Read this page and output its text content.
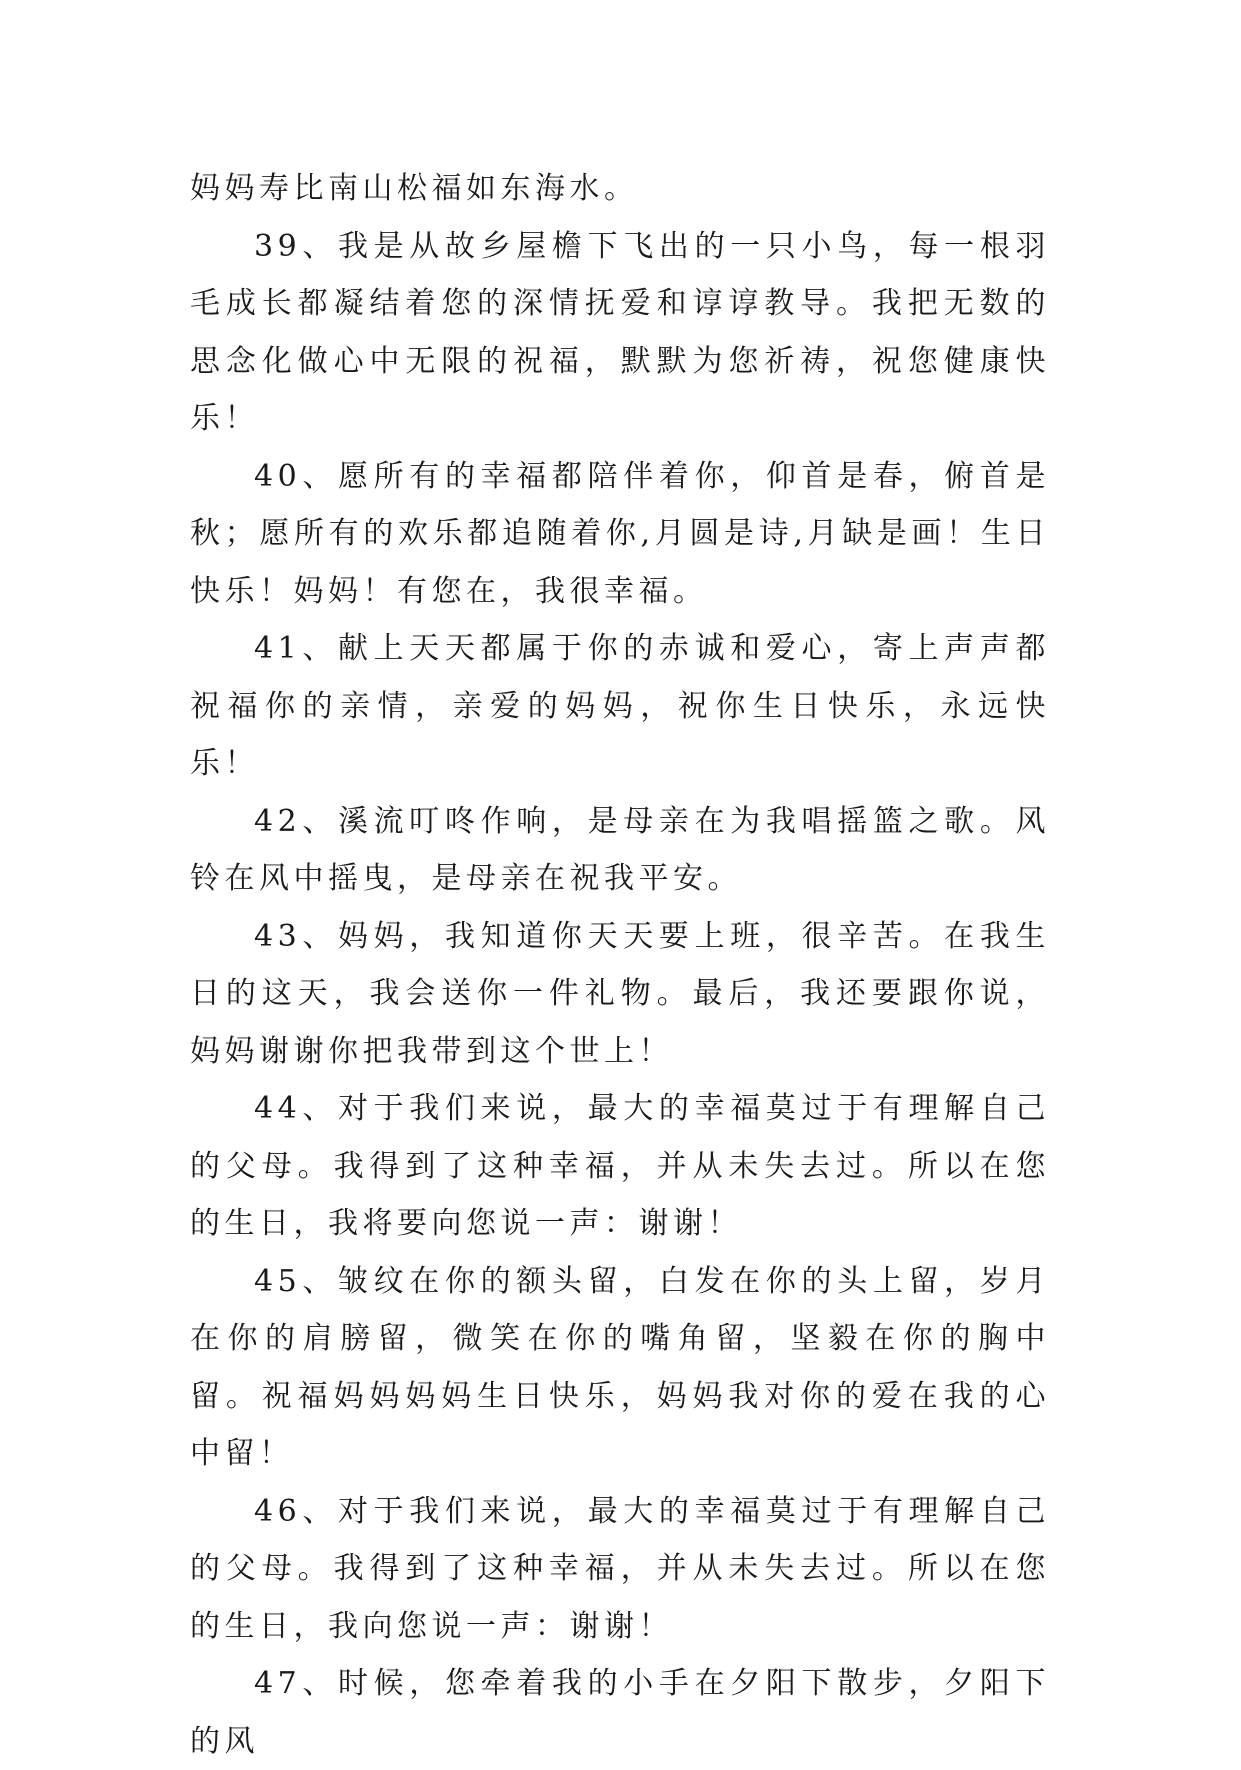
妈妈寿比南山松福如东海水。

39、我是从故乡屋檐下飞出的一只小鸟，每一根羽毛成长都凝结着您的深情抚爱和谆谆教导。我把无数的思念化做心中无限的祝福，默默为您祈祷，祝您健康快乐！

40、愿所有的幸福都陪伴着你，仰首是春，俯首是秋；愿所有的欢乐都追随着你,月圆是诗,月缺是画！生日快乐！妈妈！有您在，我很幸福。

41、献上天天都属于你的赤诚和爱心，寄上声声都祝福你的亲情，亲爱的妈妈，祝你生日快乐，永远快乐！

42、溪流叮咚作响，是母亲在为我唱摇篮之歌。风铃在风中摇曳，是母亲在祝我平安。

43、妈妈，我知道你天天要上班，很辛苦。在我生日的这天，我会送你一件礼物。最后，我还要跟你说，妈妈谢谢你把我带到这个世上！

44、对于我们来说，最大的幸福莫过于有理解自己的父母。我得到了这种幸福，并从未失去过。所以在您的生日，我将要向您说一声：谢谢！

45、皱纹在你的额头留，白发在你的头上留，岁月在你的肩膀留，微笑在你的嘴角留，坚毅在你的胸中留。祝福妈妈妈妈生日快乐，妈妈我对你的爱在我的心中留！

46、对于我们来说，最大的幸福莫过于有理解自己的父母。我得到了这种幸福，并从未失去过。所以在您的生日，我向您说一声：谢谢！

47、时候，您牵着我的小手在夕阳下散步，夕阳下的风
